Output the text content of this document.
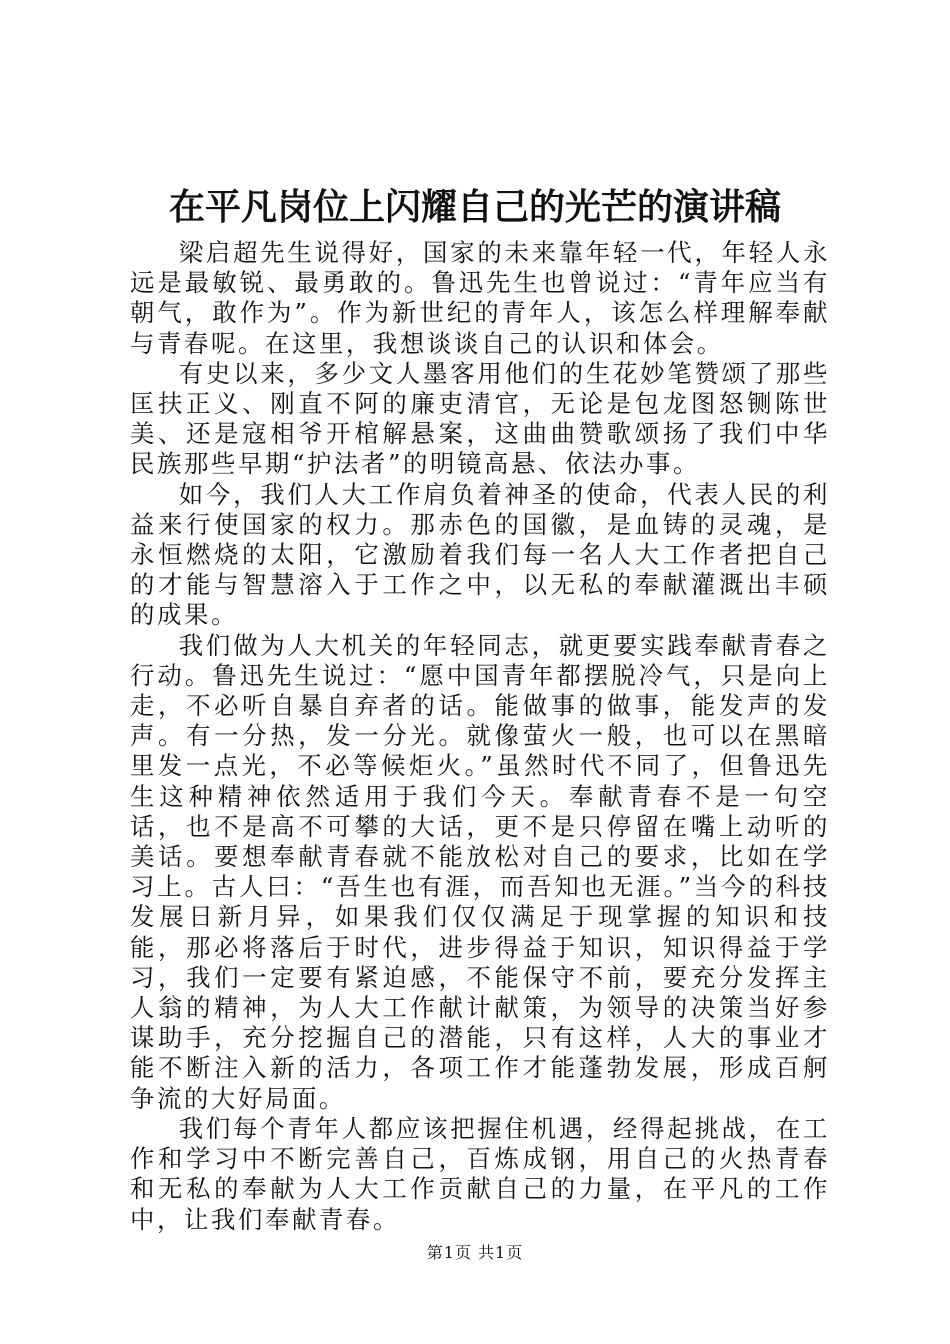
在平凡岗位上闪耀自己的光芒的演讲稿

梁启超先生说得好，国家的未来靠年轻一代，年轻人永远是最敏锐、最勇敢的。鲁迅先生也曾说过：“青年应当有朝气，敢作为”。作为新世纪的青年人，该怎么样理解奉献与青春呢。在这里，我想谈谈自己的认识和体会。

有史以来，多少文人墨客用他们的生花妙笔赞颂了那些匡扶正义、刚直不阿的廉吏清官，无论是包龙图怒铡陈世美、还是寇相爷开棺解悬案，这曲曲赞歌颂扬了我们中华民族那些早期“护法者”的明镜高悬、依法办事。

如今，我们人大工作肩负着神圣的使命，代表人民的利益来行使国家的权力。那赤色的国徽，是血铸的灵魂，是永恒燃烧的太阳，它激励着我们每一名人大工作者把自己的才能与智慧溶入于工作之中，以无私的奉献灌溉出丰硕的成果。

我们做为人大机关的年轻同志，就更要实践奉献青春之行动。鲁迅先生说过：“愿中国青年都摆脱冷气，只是向上走，不必听自暴自弃者的话。能做事的做事，能发声的发声。有一分热，发一分光。就像萤火一般，也可以在黑暗里发一点光，不必等候炬火。”虽然时代不同了，但鲁迅先生这种精神依然适用于我们今天。奉献青春不是一句空话，也不是高不可攀的大话，更不是只停留在嘴上动听的美话。要想奉献青春就不能放松对自己的要求，比如在学习上。古人曰：“吾生也有涯，而吾知也无涯。”当今的科技发展日新月异，如果我们仅仅满足于现掌握的知识和技能，那必将落后于时代，进步得益于知识，知识得益于学习，我们一定要有紧迫感，不能保守不前，要充分发挥主人翁的精神，为人大工作献计献策，为领导的决策当好参谋助手，充分挖掘自己的潜能，只有这样，人大的事业才能不断注入新的活力，各项工作才能蓬勃发展，形成百舸争流的大好局面。

我们每个青年人都应该把握住机遇，经得起挑战，在工作和学习中不断完善自己，百炼成钢，用自己的火热青春和无私的奉献为人大工作贡献自己的力量，在平凡的工作中，让我们奉献青春。

第1页 共1页
